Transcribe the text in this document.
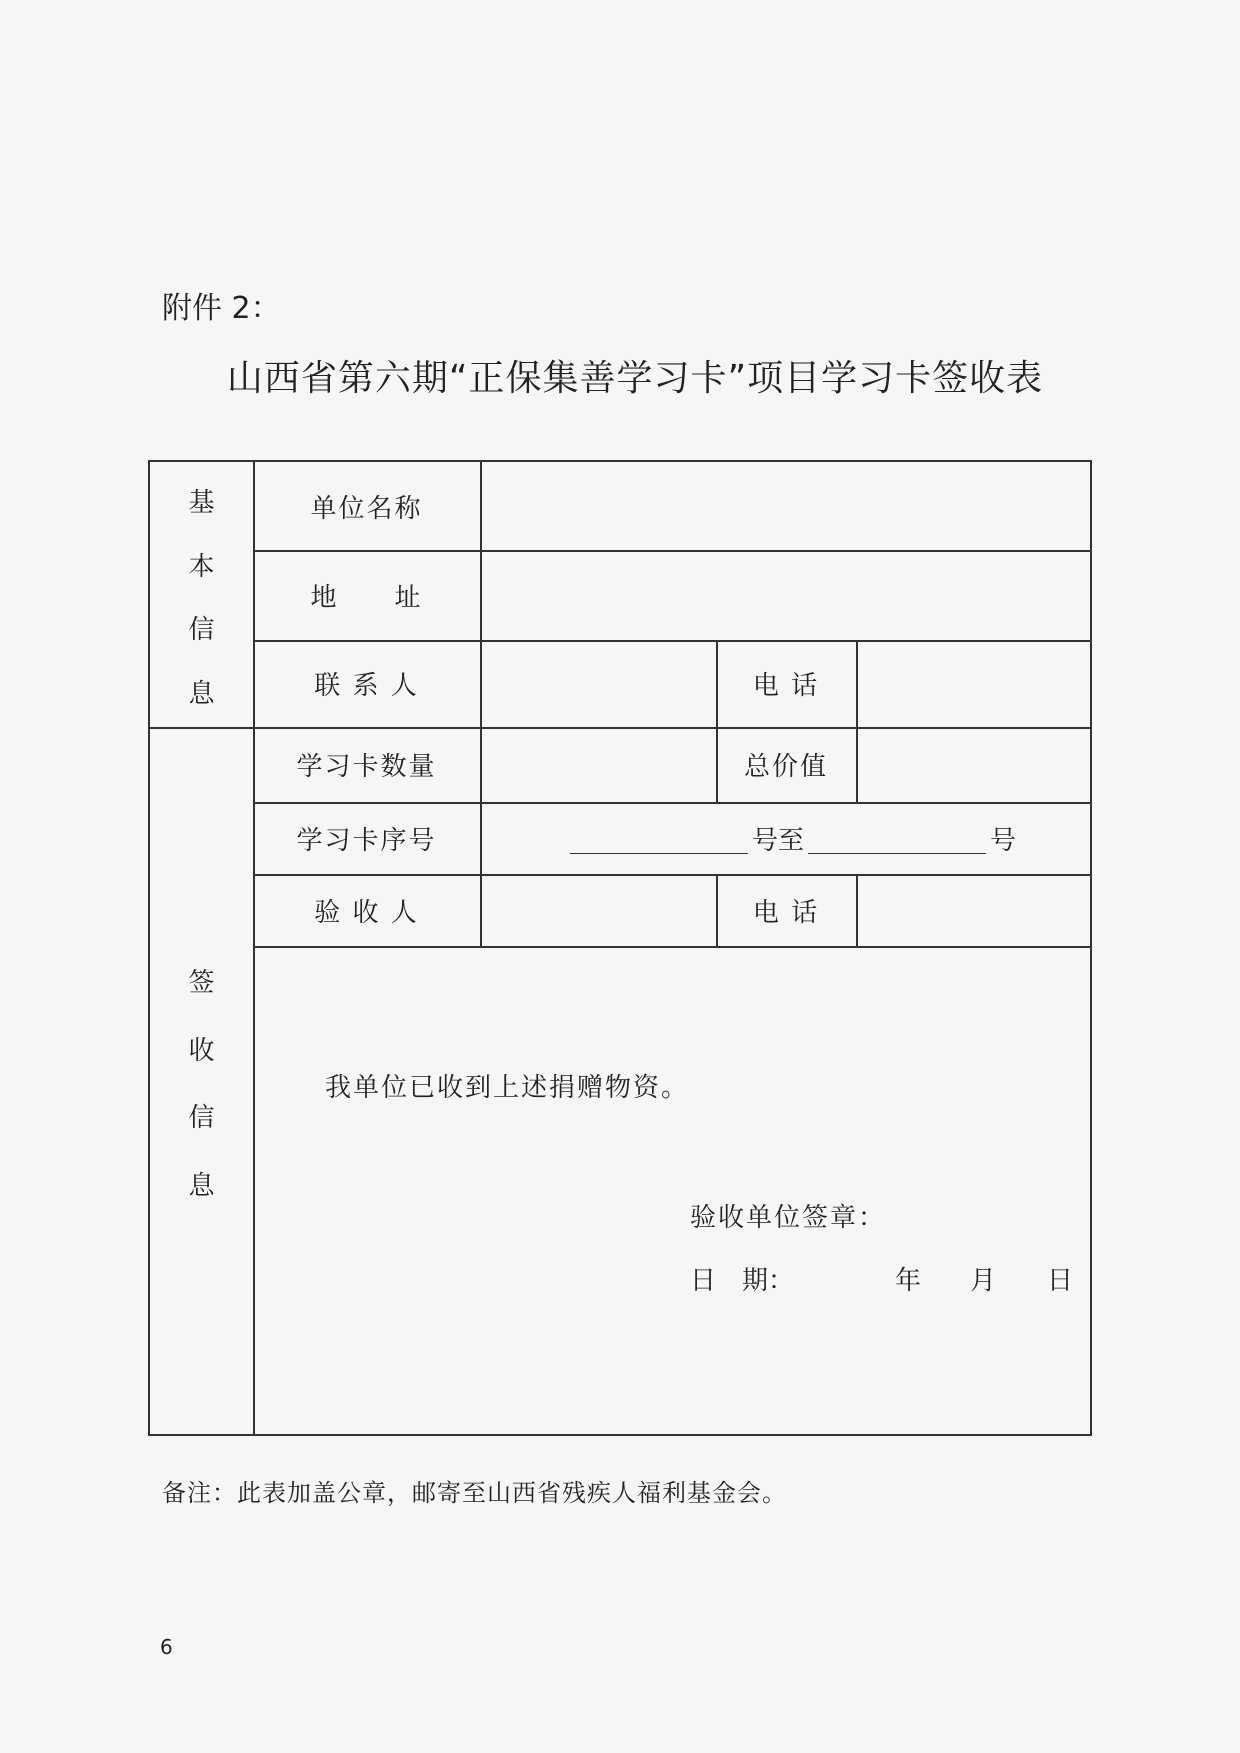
附件 2：
山西省第六期“正保集善学习卡”项目学习卡签收表
基
本
信
息
签
收
信
息
单位名称
地　　址
联 系 人	电 话
学习卡数量	总价值
学习卡序号	号至	号
验 收 人	电 话
我单位已收到上述捐赠物资。
验收单位签章：
日　期：	年 月 日
备注：此表加盖公章，邮寄至山西省残疾人福利基金会。
6
